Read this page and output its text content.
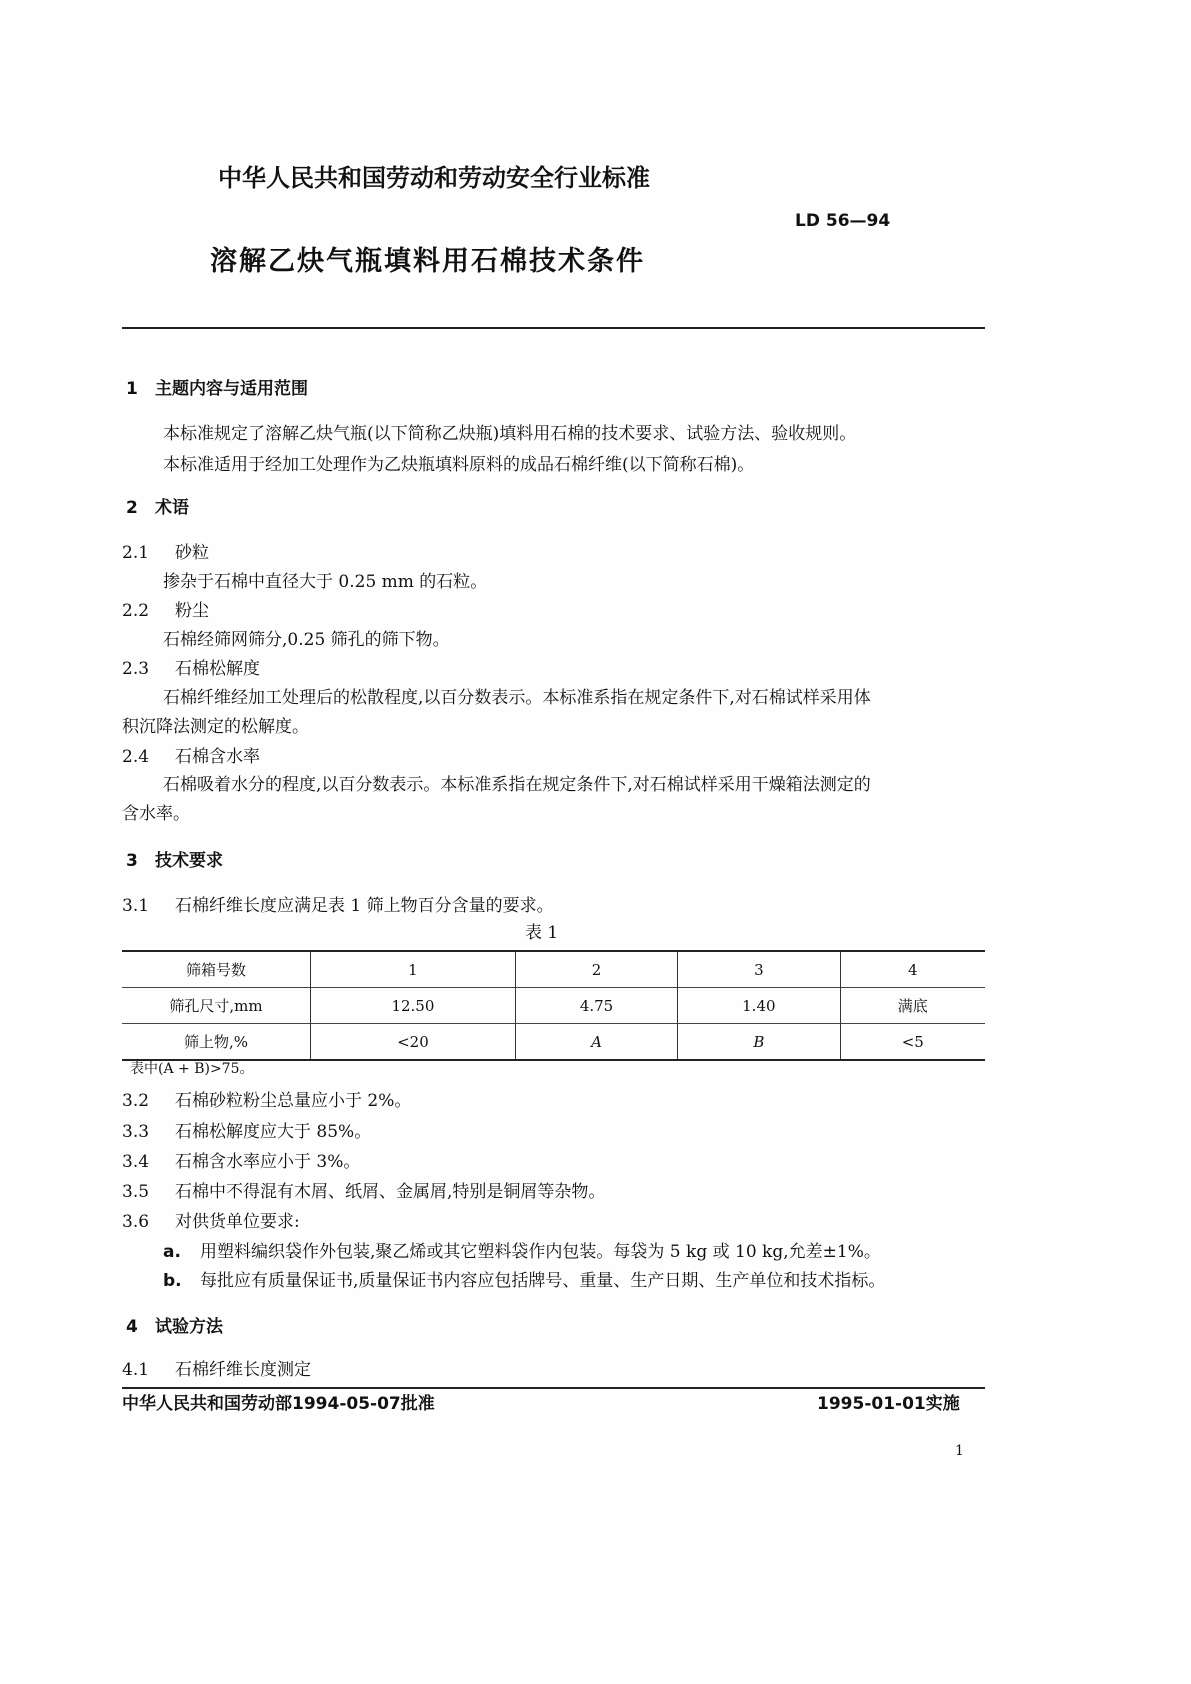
中华人民共和国劳动和劳动安全行业标准
LD 56—94
溶解乙炔气瓶填料用石棉技术条件
1 主题内容与适用范围
本标准规定了溶解乙炔气瓶(以下简称乙炔瓶)填料用石棉的技术要求、试验方法、验收规则。
本标准适用于经加工处理作为乙炔瓶填料原料的成品石棉纤维(以下简称石棉)。
2 术语
2.1 砂粒
掺杂于石棉中直径大于 0.25 mm 的石粒。
2.2 粉尘
石棉经筛网筛分,0.25 筛孔的筛下物。
2.3 石棉松解度
石棉纤维经加工处理后的松散程度,以百分数表示。本标准系指在规定条件下,对石棉试样采用体
积沉降法测定的松解度。
2.4 石棉含水率
石棉吸着水分的程度,以百分数表示。本标准系指在规定条件下,对石棉试样采用干燥箱法测定的
含水率。
3 技术要求
3.1 石棉纤维长度应满足表 1 筛上物百分含量的要求。
表 1
筛箱号数	1	2	3	4
筛孔尺寸,mm	12.50	4.75	1.40	满底
筛上物,%	<20	A	B	<5
表中(A + B)>75。
3.2 石棉砂粒粉尘总量应小于 2%。
3.3 石棉松解度应大于 85%。
3.4 石棉含水率应小于 3%。
3.5 石棉中不得混有木屑、纸屑、金属屑,特别是铜屑等杂物。
3.6 对供货单位要求:
a. 用塑料编织袋作外包装,聚乙烯或其它塑料袋作内包装。每袋为 5 kg 或 10 kg,允差±1%。
b. 每批应有质量保证书,质量保证书内容应包括牌号、重量、生产日期、生产单位和技术指标。
4 试验方法
4.1 石棉纤维长度测定
中华人民共和国劳动部1994-05-07批准	1995-01-01实施
1
